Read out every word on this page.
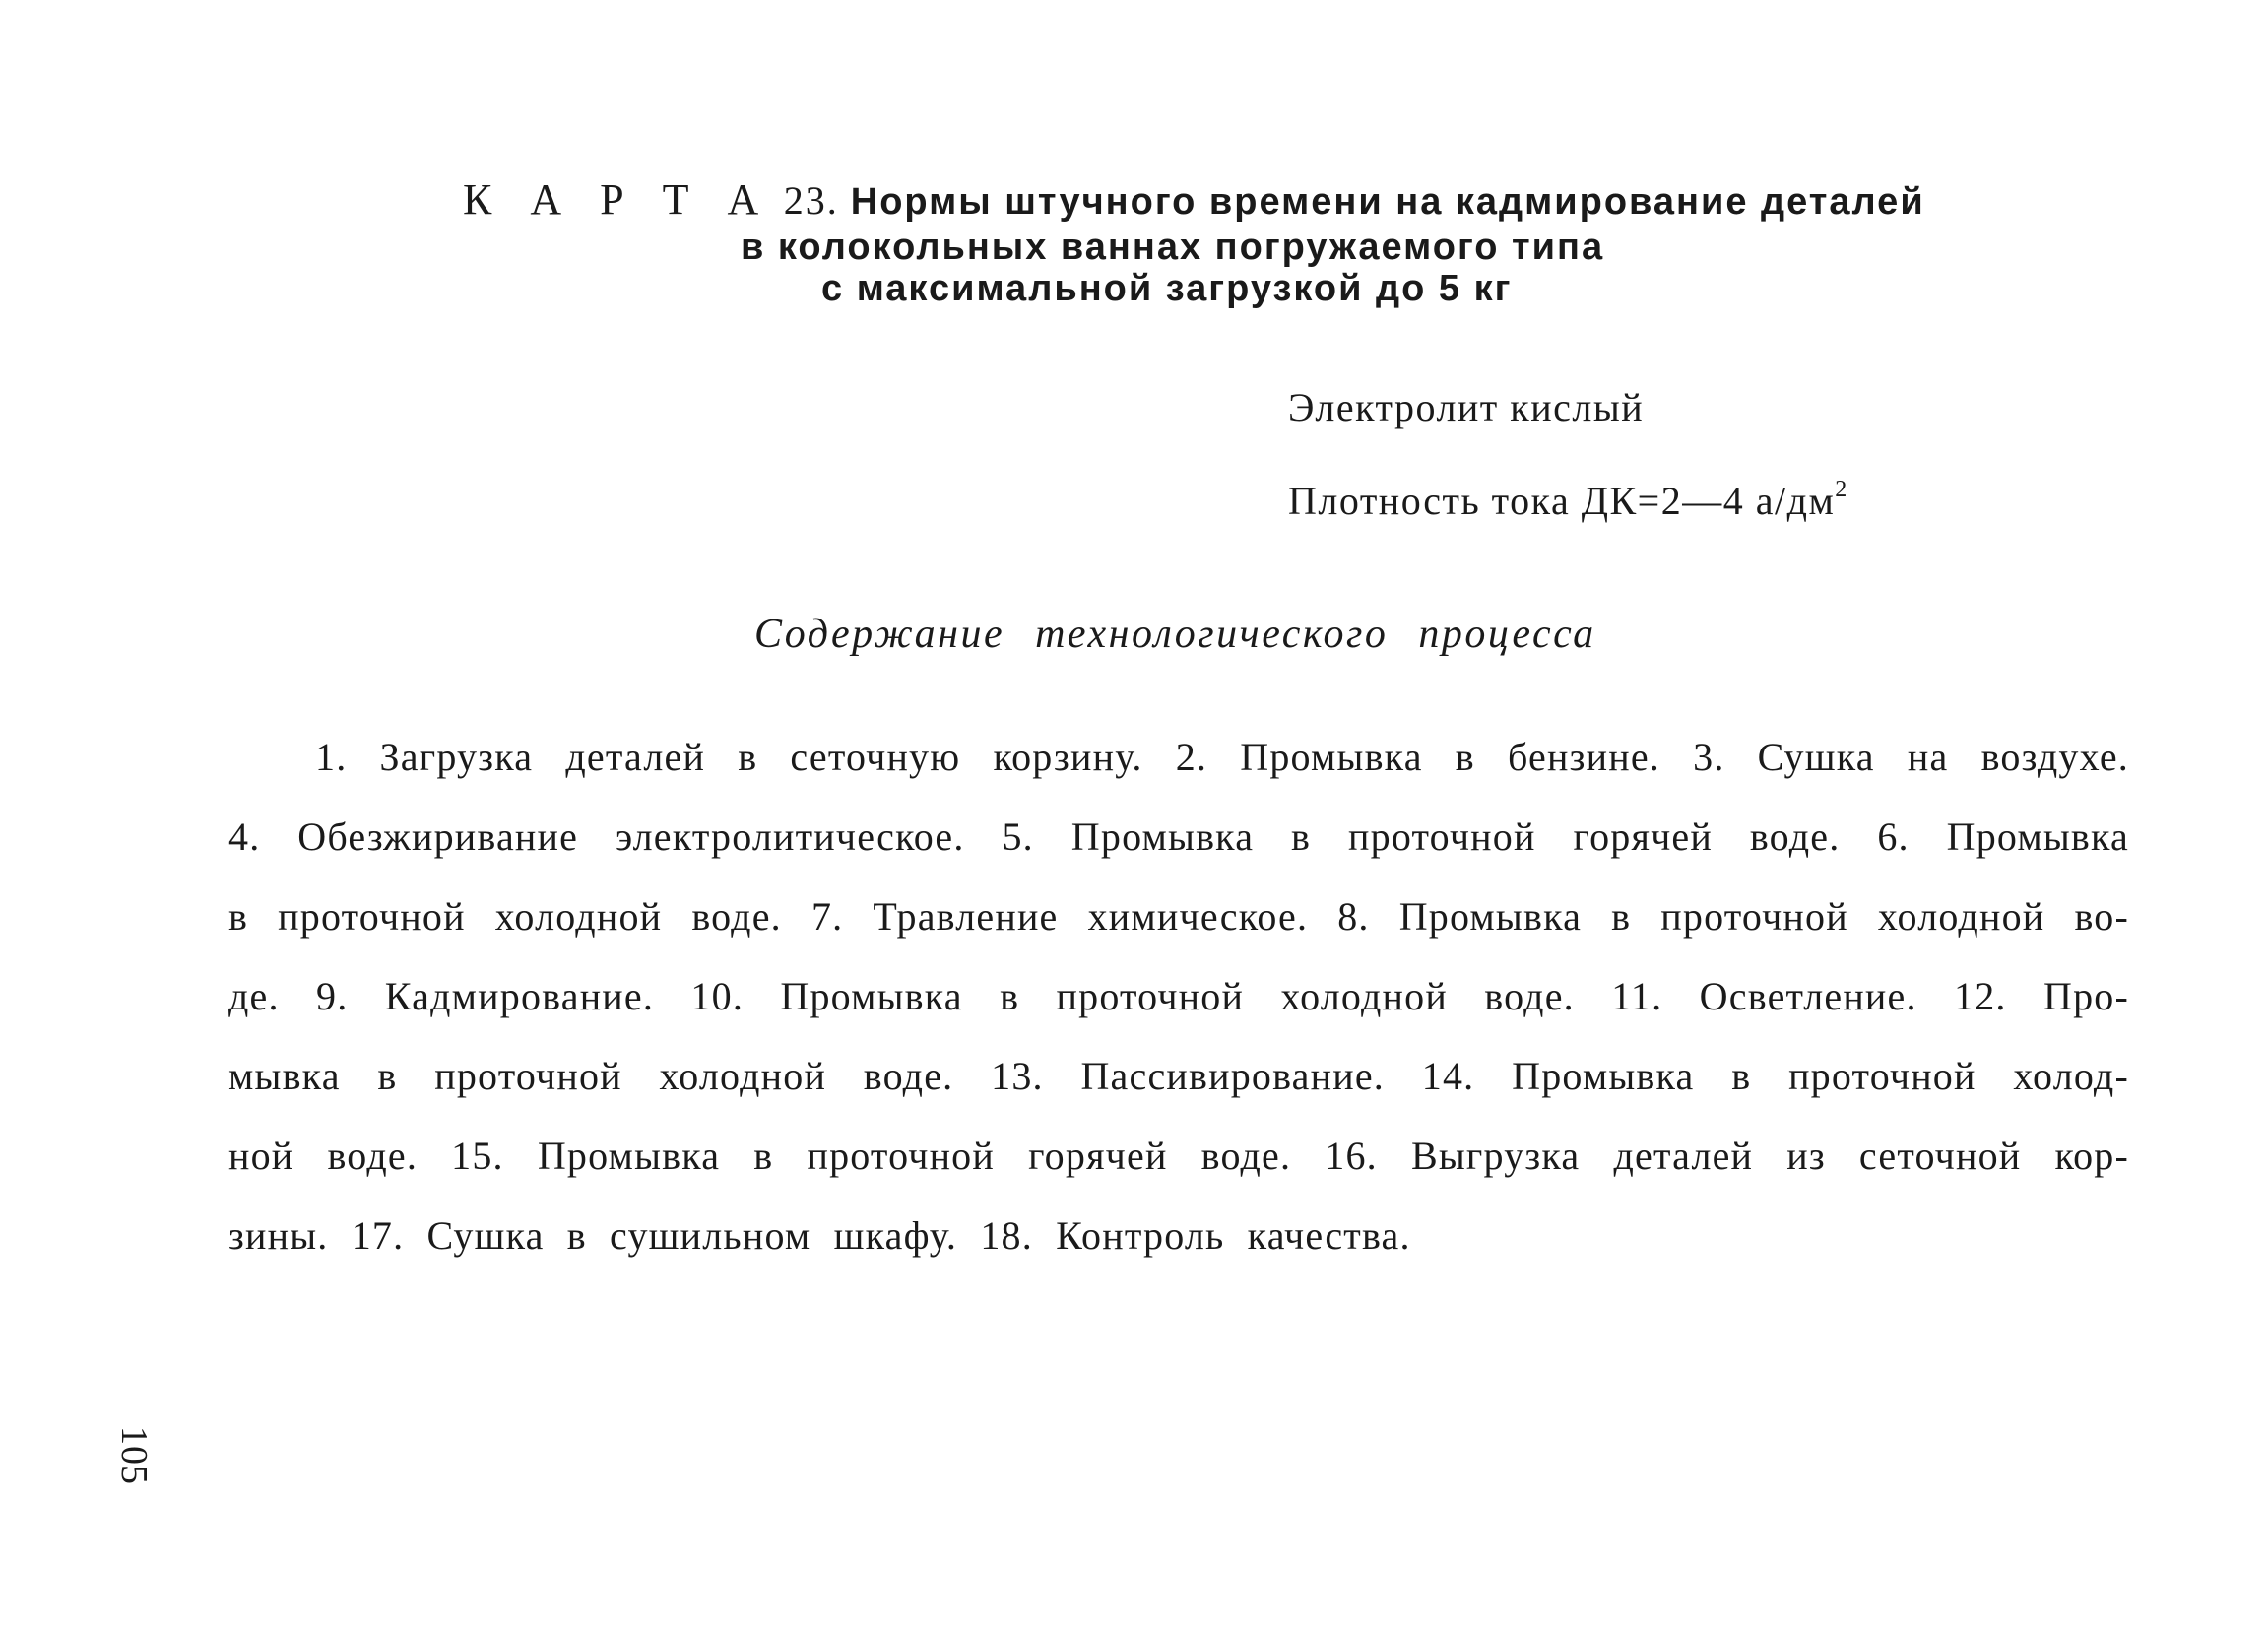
К А Р Т А 23. Нормы штучного времени на кадмирование деталей
в колокольных ваннах погружаемого типа
с максимальной загрузкой до 5 кг
Электролит кислый
Плотность тока ДК=2—4 $а/дм^2$
Содержание технологического процесса
1. Загрузка деталей в сеточную корзину. 2. Промывка в бензине. 3. Сушка на воздухе.
4. Обезжиривание электролитическое. 5. Промывка в проточной горячей воде. 6. Промывка
в проточной холодной воде. 7. Травление химическое. 8. Промывка в проточной холодной во-
де. 9. Кадмирование. 10. Промывка в проточной холодной воде. 11. Осветление. 12. Про-
мывка в проточной холодной воде. 13. Пассивирование. 14. Промывка в проточной холод-
ной воде. 15. Промывка в проточной горячей воде. 16. Выгрузка деталей из сеточной кор-
зины. 17. Сушка в сушильном шкафу. 18. Контроль качества.
105
